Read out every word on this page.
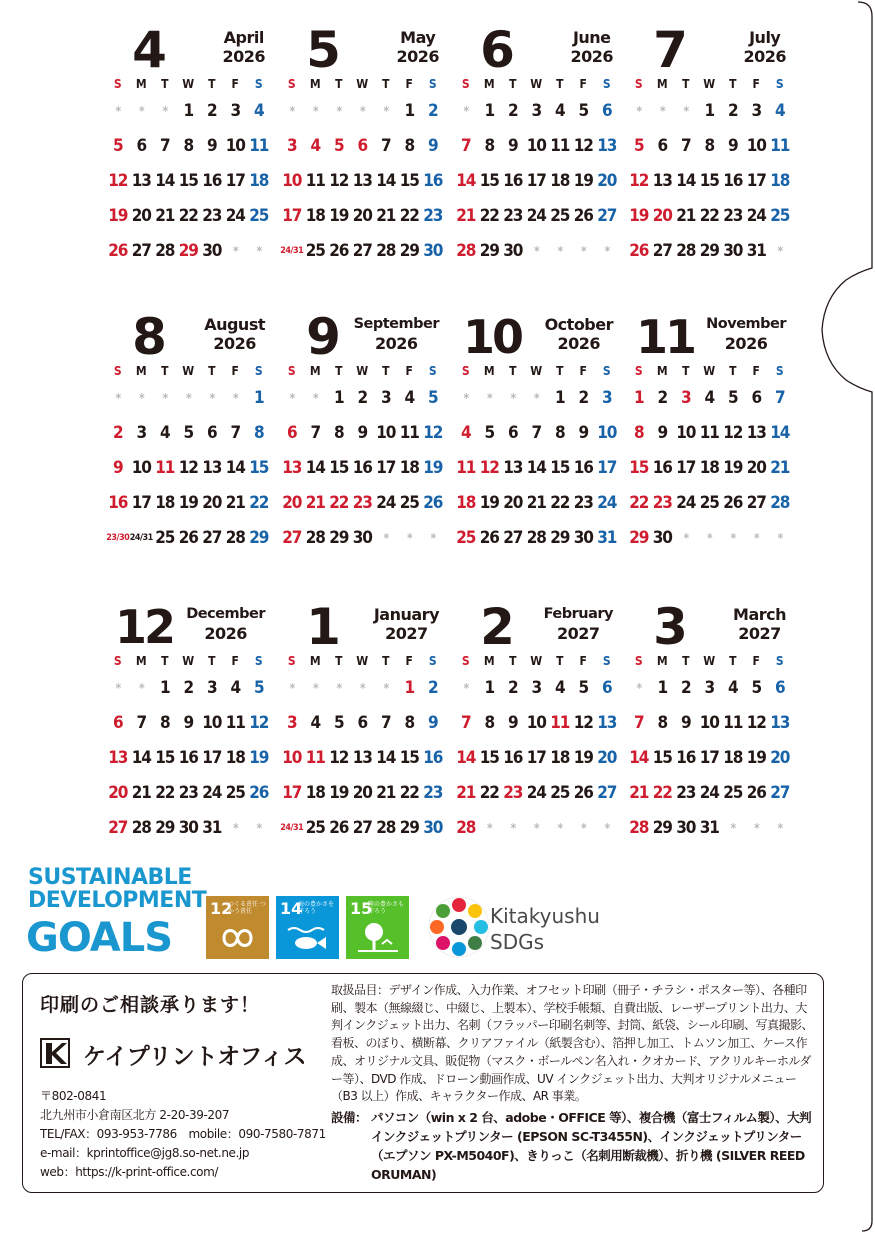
4	April
2026
S	M	T	W	T	F	S
*	*	* 1 2 3 4
5 6 7 8 9 10 11
12 13 14 15 16 17 18
19 20 21 22 23 24 25
26 27 28 29 30 *	*
5	May
2026
S	M	T	W	T	F	S
*	*	*	*	* 1 2
3 4 5 6 7 8 9
10 11 12 13 14 15 16
17 18 19 20 21 22 23
24/31 25 26 27 28 29 30
6	June
2026
S	M	T	W	T	F	S
* 1 2 3 4 5 6
7 8 9 10 11 12 13
14 15 16 17 18 19 20
21 22 23 24 25 26 27
28 29 30 *	*	*	*
7	July
2026
S	M	T	W	T	F	S
*	*	* 1 2 3 4
5 6 7 8 9 10 11
12 13 14 15 16 17 18
19 20 21 22 23 24 25
26 27 28 29 30 31 *
8	August
2026
S	M	T	W	T	F	S
*	*	*	*	*	* 1
2 3 4 5 6 7 8
9 10 11 12 13 14 15
16 17 18 19 20 21 22
23/30 24/31 25 26 27 28 29
9	September
2026
S	M	T	W	T	F	S
*	* 1 2 3 4 5
6 7 8 9 10 11 12
13 14 15 16 17 18 19
20 21 22 23 24 25 26
27 28 29 30 *	*	*
10	October
2026
S	M	T	W	T	F	S
*	*	*	* 1 2 3
4 5 6 7 8 9 10
11 12 13 14 15 16 17
18 19 20 21 22 23 24
25 26 27 28 29 30 31
11 November
2026
S	M	T	W	T	F	S
1 2 3 4 5 6 7
8 9 10 11 12 13 14
15 16 17 18 19 20 21
22 23 24 25 26 27 28
29 30 *	*	*	*	*
12 December
2026
S	M	T	W	T	F	S
*	* 1 2 3 4 5
6 7 8 9 10 11 12
13 14 15 16 17 18 19
20 21 22 23 24 25 26
27 28 29 30 31 *	*
1	January
2027
S	M	T	W	T	F	S
*	*	*	*	* 1 2
3 4 5 6 7 8 9
10 11 12 13 14 15 16
17 18 19 20 21 22 23
24/31 25 26 27 28 29 30
2	February
2027
S	M	T	W	T	F	S
* 1 2 3 4 5 6
7 8 9 10 11 12 13
14 15 16 17 18 19 20
21 22 23 24 25 26 27
28 *	*	*	*	*	*
3	March
2027
S	M	T	W	T	F	S
* 1 2 3 4 5 6
7 8 9 10 11 12 13
14 15 16 17 18 19 20
21 22 23 24 25 26 27
28 29 30 31 *	*	*
SUSTAINABLE
DEVELOPMENT
GOALS
12
つくる責任 つかう責任	14
海の豊かさを 守ろう	15
陸の豊かさも 守ろう	Kitakyushu
SDGs
印刷のご相談承ります！
ケイプリントオフィス
〒802-0841
北九州市小倉南区北方 2-20-39-207
TEL/FAX：093-953-7786　mobile：090-7580-7871
e-mail：kprintoffice@jg8.so-net.ne.jp
web：https://k-print-office.com/
取扱品目：デザイン作成、入力作業、オフセット印刷（冊子・チラシ・ポスター等）、各種印刷、製本（無線綴じ、中綴じ、上製本）、学校手帳類、自費出版、レーザープリント出力、大判インクジェット出力、名刺（フラッパー印刷名刺等、封筒、紙袋、シール印刷、写真撮影、看板、のぼり、横断幕、クリアファイル（紙製含む）、箔押し加工、トムソン加工、ケース作成、オリジナル文具、販促物（マスク・ボールペン名入れ・クオカード、アクリルキーホルダー等）、DVD 作成、ドローン動画作成、UV インクジェット出力、大判オリジナルメニュー（B3 以上）作成、キャラクター作成、AR 事業。
設備： パソコン（win x 2 台、adobe・OFFICE 等）、複合機（富士フィルム製）、大判インクジェットプリンター (EPSON SC-T3455N)、インクジェットプリンター（エプソン PX-M5040F)、きりっこ（名刺用断裁機）、折り機 (SILVER REED ORUMAN)
